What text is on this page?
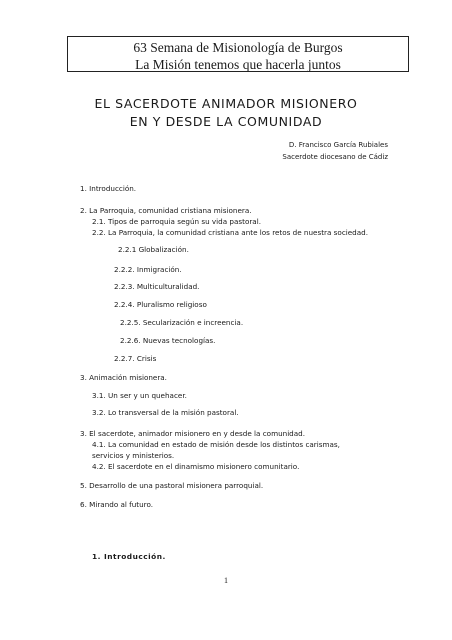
63 Semana de Misionología de Burgos
La Misión tenemos que hacerla juntos
EL SACERDOTE ANIMADOR MISIONERO
EN Y DESDE LA COMUNIDAD
D. Francisco García Rubiales
Sacerdote diocesano de Cádiz
1. Introducción.
2. La Parroquia, comunidad cristiana misionera.
2.1. Tipos de parroquia según su vida pastoral.
2.2. La Parroquia, la comunidad cristiana ante los retos de nuestra sociedad.
2.2.1 Globalización.
2.2.2. Inmigración.
2.2.3. Multiculturalidad.
2.2.4. Pluralismo religioso
2.2.5. Secularización e increencia.
2.2.6. Nuevas tecnologías.
2.2.7. Crisis
3. Animación misionera.
3.1. Un ser y un quehacer.
3.2. Lo transversal de la misión pastoral.
3. El sacerdote, animador misionero en y desde la comunidad.
4.1. La comunidad en estado de misión desde los distintos carismas,
servicios y ministerios.
4.2. El sacerdote en el dinamismo misionero comunitario.
5. Desarrollo de una pastoral misionera parroquial.
6. Mirando al futuro.
1. Introducción.
1
